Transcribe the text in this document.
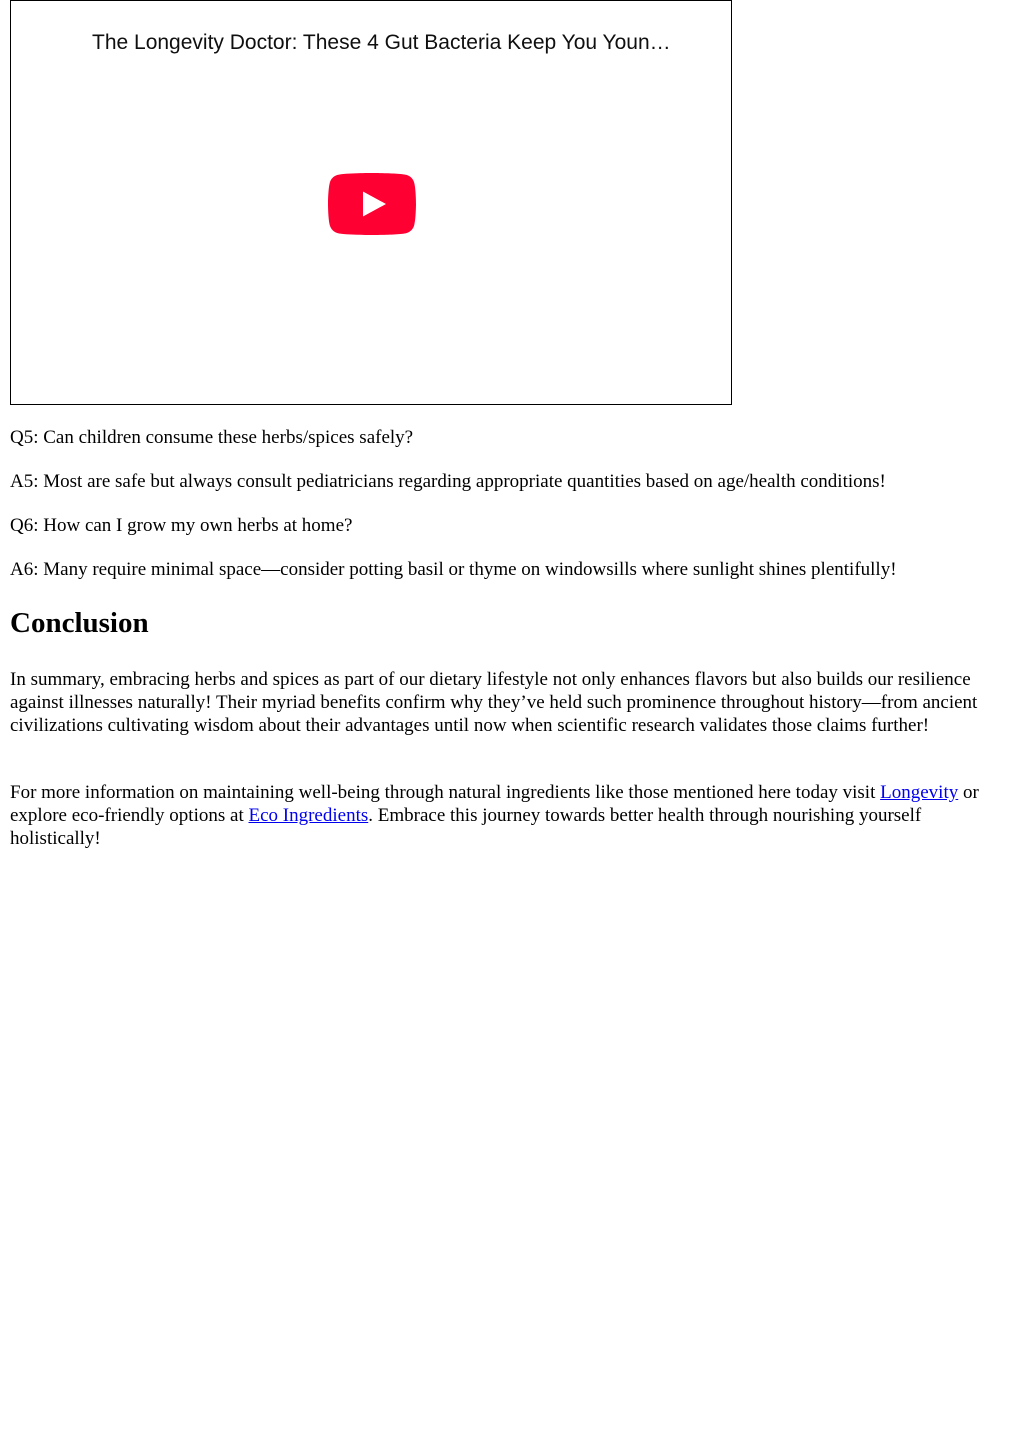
The Longevity Doctor: These 4 Gut Bacteria Keep You Youn…

Q5: Can children consume these herbs/spices safely?

A5: Most are safe but always consult pediatricians regarding appropriate quantities based on age/health conditions!

Q6: How can I grow my own herbs at home?

A6: Many require minimal space—consider potting basil or thyme on windowsills where sunlight shines plentifully!

Conclusion

In summary, embracing herbs and spices as part of our dietary lifestyle not only enhances flavors but also builds our resilience against illnesses naturally! Their myriad benefits confirm why they’ve held such prominence throughout history—from ancient civilizations cultivating wisdom about their advantages until now when scientific research validates those claims further!

For more information on maintaining well-being through natural ingredients like those mentioned here today visit Longevity or explore eco-friendly options at Eco Ingredients. Embrace this journey towards better health through nourishing yourself holistically!
